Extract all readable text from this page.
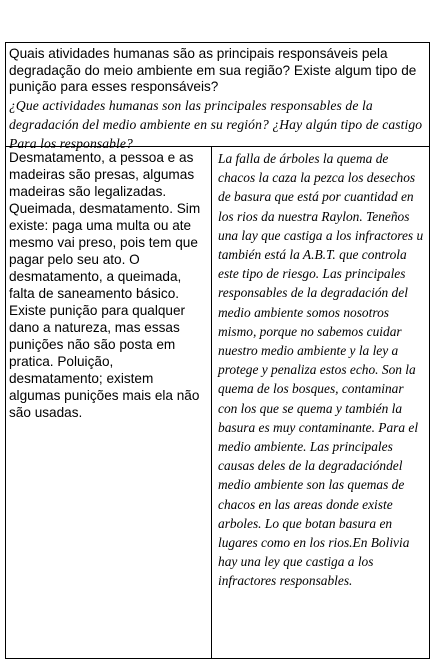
Quais atividades humanas são as principais responsáveis pela degradação do meio ambiente em sua região? Existe algum tipo de punição para esses responsáveis?

¿Que actividades humanas son las principales responsables de la degradación del medio ambiente en su región? ¿Hay algún tipo de castigo Para los responsable?

Desmatamento, a pessoa e as madeiras são presas, algumas madeiras são legalizadas. Queimada, desmatamento. Sim existe: paga uma multa ou ate mesmo vai preso, pois tem que pagar pelo seu ato. O desmatamento, a queimada, falta de saneamento básico. Existe punição para qualquer dano a natureza, mas essas punições não são posta em pratica. Poluição, desmatamento; existem algumas punições mais ela não são usadas.

La falla de árboles la quema de chacos la caza la pezca los desechos de basura que está por cuantidad en los rios da nuestra Raylon. Teneños una lay que castiga a los infractores u también está la A.B.T. que controla este tipo de riesgo. Las principales responsables de la degradación del medio ambiente somos nosotros mismo, porque no sabemos cuidar nuestro medio ambiente y la ley a protege y penaliza estos echo. Son la quema de los bosques, contaminar con los que se quema y también la basura es muy contaminante. Para el medio ambiente. Las principales causas deles de la degradacióndel medio ambiente son las quemas de chacos en las areas donde existe arboles. Lo que botan basura en lugares como en los rios.En Bolivia hay una ley que castiga a los infractores responsables.
